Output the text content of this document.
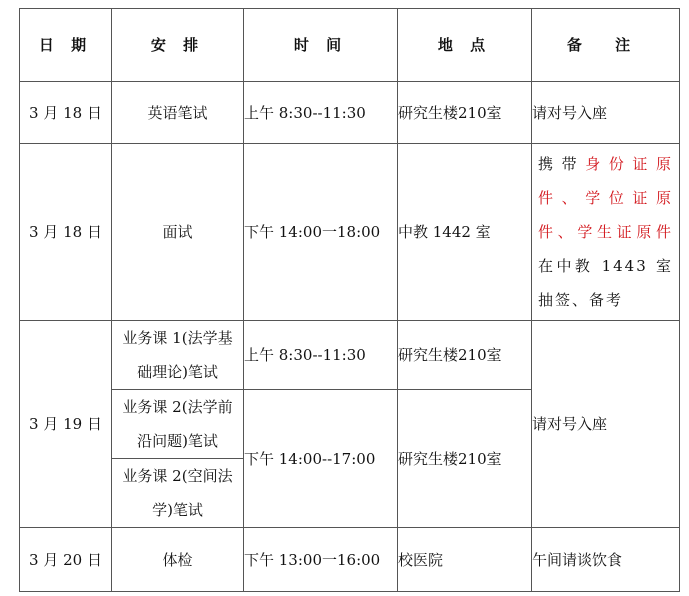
日 期	安 排	时 间	地 点	备 注
3 月 18 日	英语笔试	上午 8:30--11:30	研究生楼210室	请对号入座
3 月 18 日	面试	下午 14:00一18:00	中教 1442 室	携带身份证原件、学位证原件、学生证原件在中教 1443 室抽签、备考

3 月 19 日	业务课 1(法学基础理论)笔试	上午 8:30--11:30	研究生楼210室	请对号入座

	业务课 2(法学前沿问题)笔试	下午 14:00--17:00	研究生楼210室	

	业务课 2(空间法学)笔试			

3 月 20 日	体检	下午 13:00一16:00	校医院	午间请谈饮食
